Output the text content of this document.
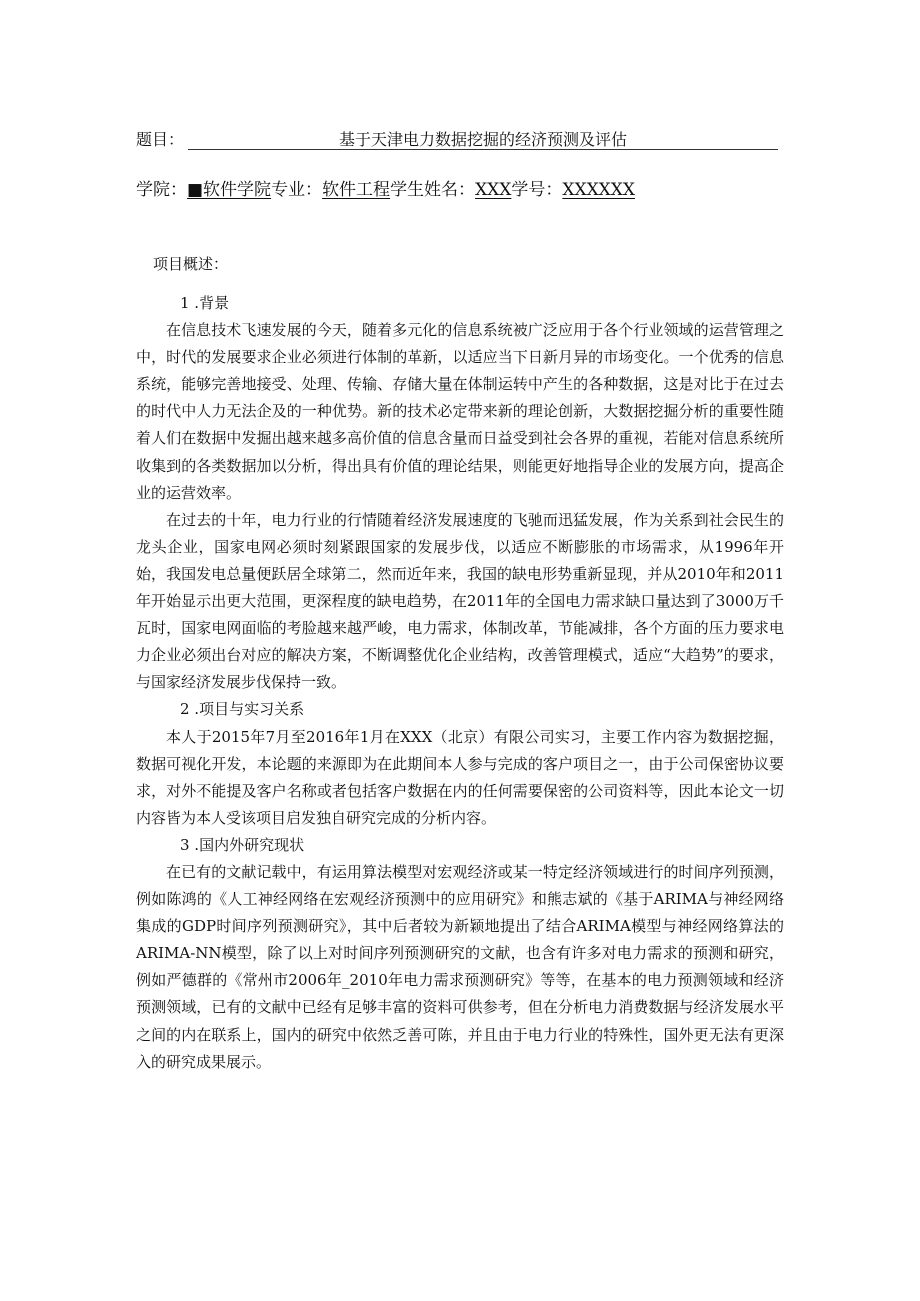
题目：	基于天津电力数据挖掘的经济预测及评估
学院：■软件学院专业：软件工程学生姓名：XXX学号：XXXXXX
项目概述：

1 .背景

在信息技术飞速发展的今天，随着多元化的信息系统被广泛应用于各个行业领域的运营管理之中，时代的发展要求企业必须进行体制的革新，以适应当下日新月异的市场变化。一个优秀的信息系统，能够完善地接受、处理、传输、存储大量在体制运转中产生的各种数据，这是对比于在过去的时代中人力无法企及的一种优势。新的技术必定带来新的理论创新，大数据挖掘分析的重要性随着人们在数据中发掘出越来越多高价值的信息含量而日益受到社会各界的重视，若能对信息系统所收集到的各类数据加以分析，得出具有价值的理论结果，则能更好地指导企业的发展方向，提高企业的运营效率。

在过去的十年，电力行业的行情随着经济发展速度的飞驰而迅猛发展，作为关系到社会民生的龙头企业，国家电网必须时刻紧跟国家的发展步伐，以适应不断膨胀的市场需求，从1996年开始，我国发电总量便跃居全球第二，然而近年来，我国的缺电形势重新显现，并从2010年和2011年开始显示出更大范围，更深程度的缺电趋势，在2011年的全国电力需求缺口量达到了3000万千瓦时，国家电网面临的考脸越来越严峻，电力需求，体制改革，节能减排，各个方面的压力要求电力企业必须出台对应的解决方案，不断调整优化企业结构，改善管理模式，适应“大趋势”的要求，与国家经济发展步伐保持一致。

2 .项目与实习关系

本人于2015年7月至2016年1月在XXX（北京）有限公司实习，主要工作内容为数据挖掘，数据可视化开发，本论题的来源即为在此期间本人参与完成的客户项目之一，由于公司保密协议要求，对外不能提及客户名称或者包括客户数据在内的任何需要保密的公司资料等，因此本论文一切内容皆为本人受该项目启发独自研究完成的分析内容。

3 .国内外研究现状

在已有的文献记载中，有运用算法模型对宏观经济或某一特定经济领域进行的时间序列预测，例如陈鸿的《人工神经网络在宏观经济预测中的应用研究》和熊志斌的《基于ARIMA与神经网络集成的GDP时间序列预测研究》，其中后者较为新颖地提出了结合ARIMA模型与神经网络算法的ARIMA-NN模型，除了以上对时间序列预测研究的文献，也含有许多对电力需求的预测和研究，例如严德群的《常州市2006年_2010年电力需求预测研究》等等，在基本的电力预测领域和经济预测领域，已有的文献中已经有足够丰富的资料可供参考，但在分析电力消费数据与经济发展水平之间的内在联系上，国内的研究中依然乏善可陈，并且由于电力行业的特殊性，国外更无法有更深入的研究成果展示。
